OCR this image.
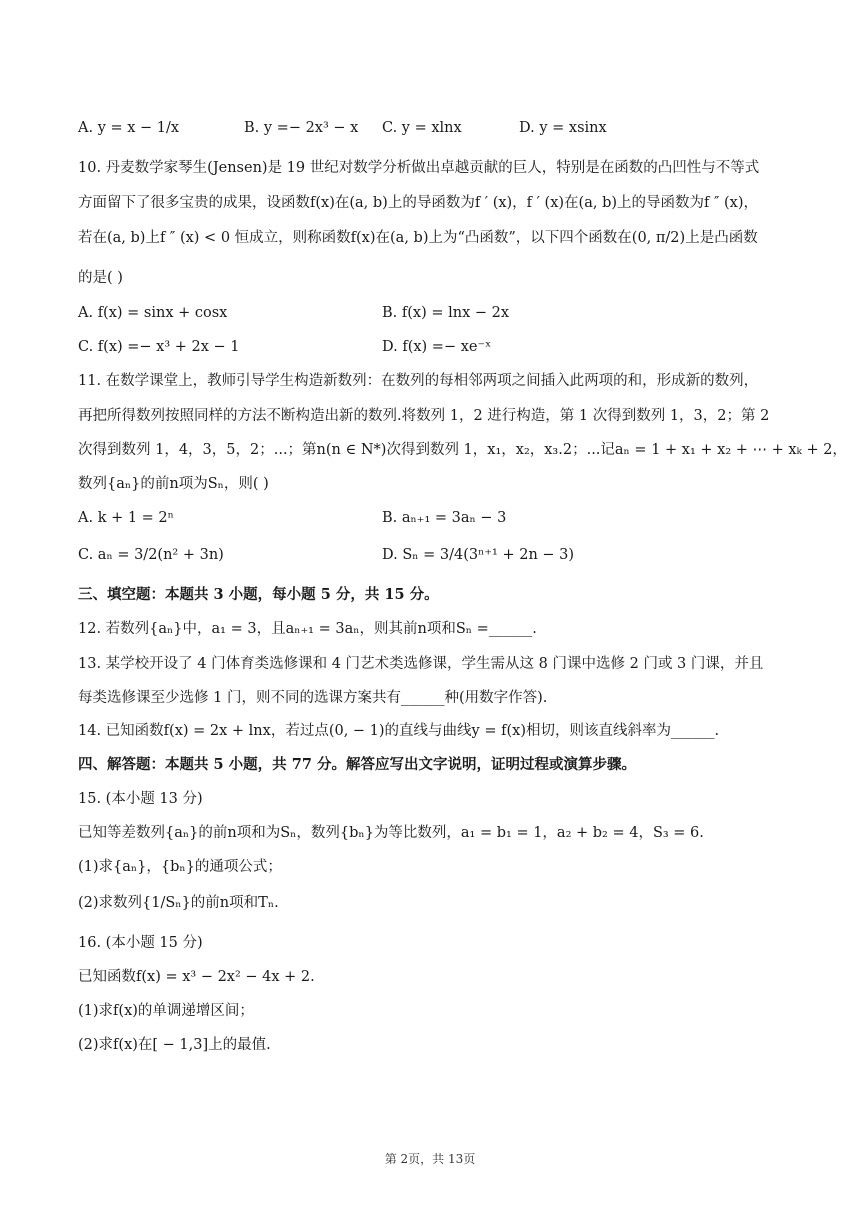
A. y = x − 1/x	B. y =− 2x³ − x C. y = xlnx	D. y = xsinx
10. 丹麦数学家琴生(Jensen)是 19 世纪对数学分析做出卓越贡献的巨人，特别是在函数的凸凹性与不等式
方面留下了很多宝贵的成果，设函数f(x)在(a, b)上的导函数为f ′ (x)，f ′ (x)在(a, b)上的导函数为f ″ (x)，
若在(a, b)上f ″ (x) < 0 恒成立，则称函数f(x)在(a, b)上为“凸函数”，以下四个函数在(0, π/2)上是凸函数
的是( )
A. f(x) = sinx + cosx	B. f(x) = lnx − 2x
C. f(x) =− x³ + 2x − 1	D. f(x) =− xe⁻ˣ
11. 在数学课堂上，教师引导学生构造新数列：在数列的每相邻两项之间插入此两项的和，形成新的数列，
再把所得数列按照同样的方法不断构造出新的数列.将数列 1，2 进行构造，第 1 次得到数列 1，3，2；第 2
次得到数列 1，4，3，5，2；...；第n(n ∈ N*)次得到数列 1，x₁，x₂，x₃.2；...记aₙ = 1 + x₁ + x₂ + ⋯ + xₖ + 2，
数列{aₙ}的前n项为Sₙ，则( )
A. k + 1 = 2ⁿ	B. aₙ₊₁ = 3aₙ − 3
C. aₙ = 3/2(n² + 3n)	D. Sₙ = 3/4(3ⁿ⁺¹ + 2n − 3)
三、填空题：本题共 3 小题，每小题 5 分，共 15 分。
12. 若数列{aₙ}中，a₁ = 3，且aₙ₊₁ = 3aₙ，则其前n项和Sₙ =______.
13. 某学校开设了 4 门体育类选修课和 4 门艺术类选修课，学生需从这 8 门课中选修 2 门或 3 门课，并且
每类选修课至少选修 1 门，则不同的选课方案共有______种(用数字作答).
14. 已知函数f(x) = 2x + lnx，若过点(0, − 1)的直线与曲线y = f(x)相切，则该直线斜率为______.
四、解答题：本题共 5 小题，共 77 分。解答应写出文字说明，证明过程或演算步骤。
15. (本小题 13 分)
已知等差数列{aₙ}的前n项和为Sₙ，数列{bₙ}为等比数列，a₁ = b₁ = 1，a₂ + b₂ = 4，S₃ = 6.
(1)求{aₙ}，{bₙ}的通项公式；
(2)求数列{1/Sₙ}的前n项和Tₙ.
16. (本小题 15 分)
已知函数f(x) = x³ − 2x² − 4x + 2.
(1)求f(x)的单调递增区间；
(2)求f(x)在[ − 1,3]上的最值.
第 2页，共 13页
